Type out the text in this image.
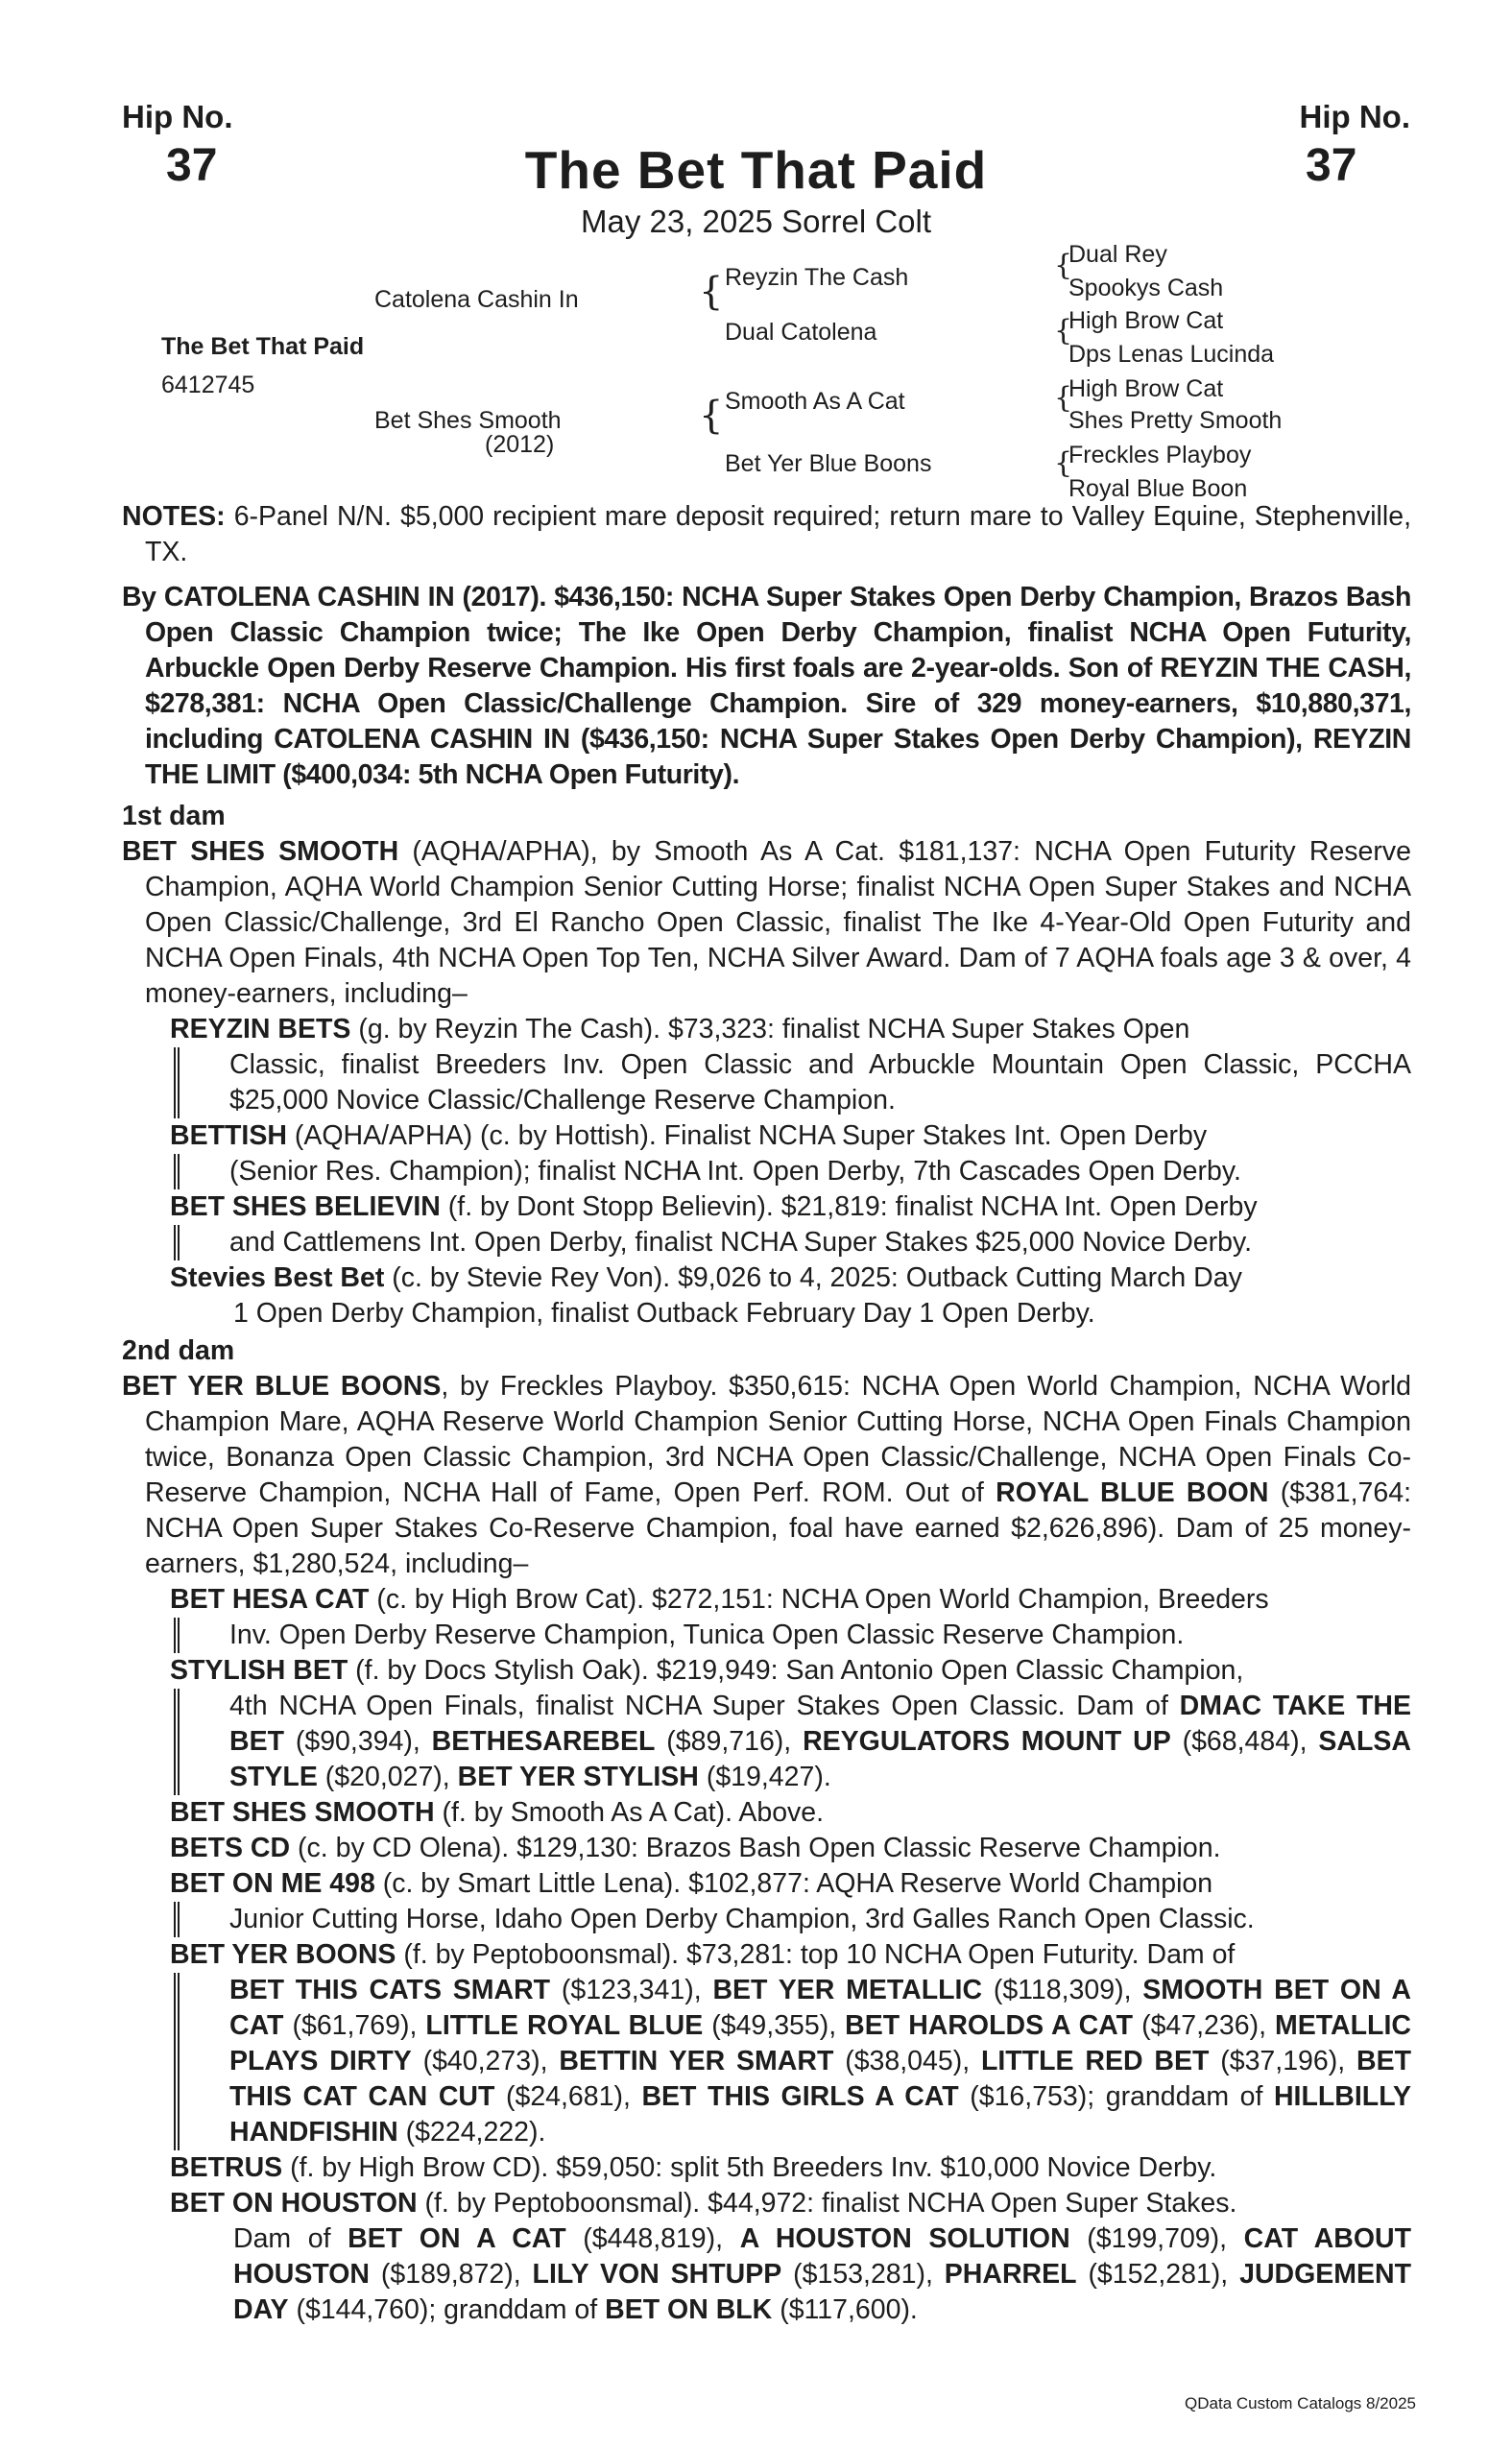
Hip No.
37
Hip No.
37
The Bet That Paid
May 23, 2025 Sorrel Colt
The Bet That Paid
6412745
Catolena Cashin In
Bet Shes Smooth
(2012)
{ Reyzin The Cash
Dual Catolena
{ Smooth As A Cat
Bet Yer Blue Boons
{
{
{
{
Dual Rey
Spookys Cash
High Brow Cat
Dps Lenas Lucinda
High Brow Cat
Shes Pretty Smooth
Freckles Playboy
Royal Blue Boon

NOTES: 6-Panel N/N. $5,000 recipient mare deposit required; return mare to Valley Equine, Stephenville, TX.

By CATOLENA CASHIN IN (2017). $436,150: NCHA Super Stakes Open Derby Champion, Brazos Bash Open Classic Champion twice; The Ike Open Derby Champion, finalist NCHA Open Futurity, Arbuckle Open Derby Reserve Champion. His first foals are 2-year-olds. Son of REYZIN THE CASH, $278,381: NCHA Open Classic/Challenge Champion. Sire of 329 money-earners, $10,880,371, including CATOLENA CASHIN IN ($436,150: NCHA Super Stakes Open Derby Champion), REYZIN THE LIMIT ($400,034: 5th NCHA Open Futurity).

1st dam

BET SHES SMOOTH (AQHA/APHA), by Smooth As A Cat. $181,137: NCHA Open Futurity Reserve Champion, AQHA World Champion Senior Cutting Horse; finalist NCHA Open Super Stakes and NCHA Open Classic/Challenge, 3rd El Rancho Open Classic, finalist The Ike 4-Year-Old Open Futurity and NCHA Open Finals, 4th NCHA Open Top Ten, NCHA Silver Award. Dam of 7 AQHA foals age 3 & over, 4 money-earners, including–

REYZIN BETS (g. by Reyzin The Cash). $73,323: finalist NCHA Super Stakes Open

Classic, finalist Breeders Inv. Open Classic and Arbuckle Mountain Open Classic, PCCHA $25,000 Novice Classic/Challenge Reserve Champion.

BETTISH (AQHA/APHA) (c. by Hottish). Finalist NCHA Super Stakes Int. Open Derby

(Senior Res. Champion); finalist NCHA Int. Open Derby, 7th Cascades Open Derby.

BET SHES BELIEVIN (f. by Dont Stopp Believin). $21,819: finalist NCHA Int. Open Derby

and Cattlemens Int. Open Derby, finalist NCHA Super Stakes $25,000 Novice Derby.

Stevies Best Bet (c. by Stevie Rey Von). $9,026 to 4, 2025: Outback Cutting March Day

1 Open Derby Champion, finalist Outback February Day 1 Open Derby.

2nd dam

BET YER BLUE BOONS, by Freckles Playboy. $350,615: NCHA Open World Champion, NCHA World Champion Mare, AQHA Reserve World Champion Senior Cutting Horse, NCHA Open Finals Champion twice, Bonanza Open Classic Champion, 3rd NCHA Open Classic/Challenge, NCHA Open Finals Co-Reserve Champion, NCHA Hall of Fame, Open Perf. ROM. Out of ROYAL BLUE BOON ($381,764: NCHA Open Super Stakes Co-Reserve Champion, foal have earned $2,626,896). Dam of 25 money-earners, $1,280,524, including–

BET HESA CAT (c. by High Brow Cat). $272,151: NCHA Open World Champion, Breeders

Inv. Open Derby Reserve Champion, Tunica Open Classic Reserve Champion.

STYLISH BET (f. by Docs Stylish Oak). $219,949: San Antonio Open Classic Champion,

4th NCHA Open Finals, finalist NCHA Super Stakes Open Classic. Dam of DMAC TAKE THE BET ($90,394), BETHESAREBEL ($89,716), REYGULATORS MOUNT UP ($68,484), SALSA STYLE ($20,027), BET YER STYLISH ($19,427).

BET SHES SMOOTH (f. by Smooth As A Cat). Above.

BETS CD (c. by CD Olena). $129,130: Brazos Bash Open Classic Reserve Champion.

BET ON ME 498 (c. by Smart Little Lena). $102,877: AQHA Reserve World Champion

Junior Cutting Horse, Idaho Open Derby Champion, 3rd Galles Ranch Open Classic.

BET YER BOONS (f. by Peptoboonsmal). $73,281: top 10 NCHA Open Futurity. Dam of

BET THIS CATS SMART ($123,341), BET YER METALLIC ($118,309), SMOOTH BET ON A CAT ($61,769), LITTLE ROYAL BLUE ($49,355), BET HAROLDS A CAT ($47,236), METALLIC PLAYS DIRTY ($40,273), BETTIN YER SMART ($38,045), LITTLE RED BET ($37,196), BET THIS CAT CAN CUT ($24,681), BET THIS GIRLS A CAT ($16,753); granddam of HILLBILLY HANDFISHIN ($224,222).

BETRUS (f. by High Brow CD). $59,050: split 5th Breeders Inv. $10,000 Novice Derby.

BET ON HOUSTON (f. by Peptoboonsmal). $44,972: finalist NCHA Open Super Stakes.

Dam of BET ON A CAT ($448,819), A HOUSTON SOLUTION ($199,709), CAT ABOUT HOUSTON ($189,872), LILY VON SHTUPP ($153,281), PHARREL ($152,281), JUDGEMENT DAY ($144,760); granddam of BET ON BLK ($117,600).

QData Custom Catalogs 8/2025
